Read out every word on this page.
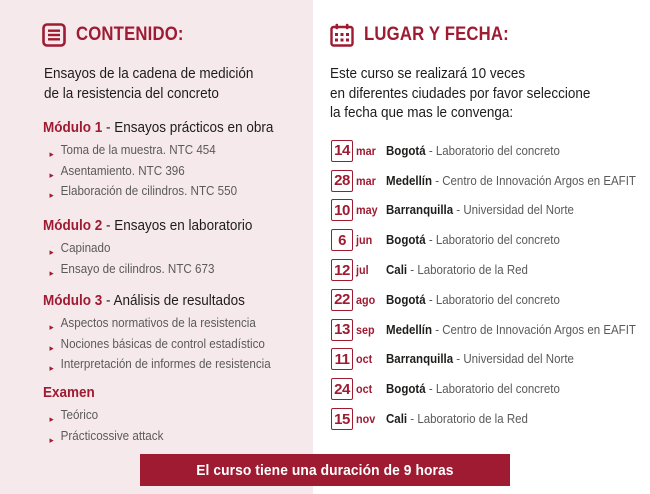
CONTENIDO:
Ensayos de la cadena de medición
de la resistencia del concreto
Módulo 1 - Ensayos prácticos en obra
▸ Toma de la muestra. NTC 454
▸ Asentamiento. NTC 396
▸ Elaboración de cilindros. NTC 550
Módulo 2 - Ensayos en laboratorio
▸ Capinado
▸ Ensayo de cilindros. NTC 673
Módulo 3 - Análisis de resultados
▸ Aspectos normativos de la resistencia
▸ Nociones básicas de control estadístico
▸ Interpretación de informes de resistencia
Examen
▸ Teórico
▸ Prácticossive attack
LUGAR Y FECHA:
Este curso se realizará 10 veces
en diferentes ciudades por favor seleccione
la fecha que mas le convenga:
14 mar Bogotá - Laboratorio del concreto
28 mar Medellín - Centro de Innovación Argos en EAFIT
10 may Barranquilla - Universidad del Norte
6 jun	Bogotá - Laboratorio del concreto
12 jul	Cali - Laboratorio de la Red
22 ago Bogotá - Laboratorio del concreto
13 sep Medellín - Centro de Innovación Argos en EAFIT
11 oct	Barranquilla - Universidad del Norte
24 oct	Bogotá - Laboratorio del concreto
15 nov Cali - Laboratorio de la Red
El curso tiene una duración de 9 horas
